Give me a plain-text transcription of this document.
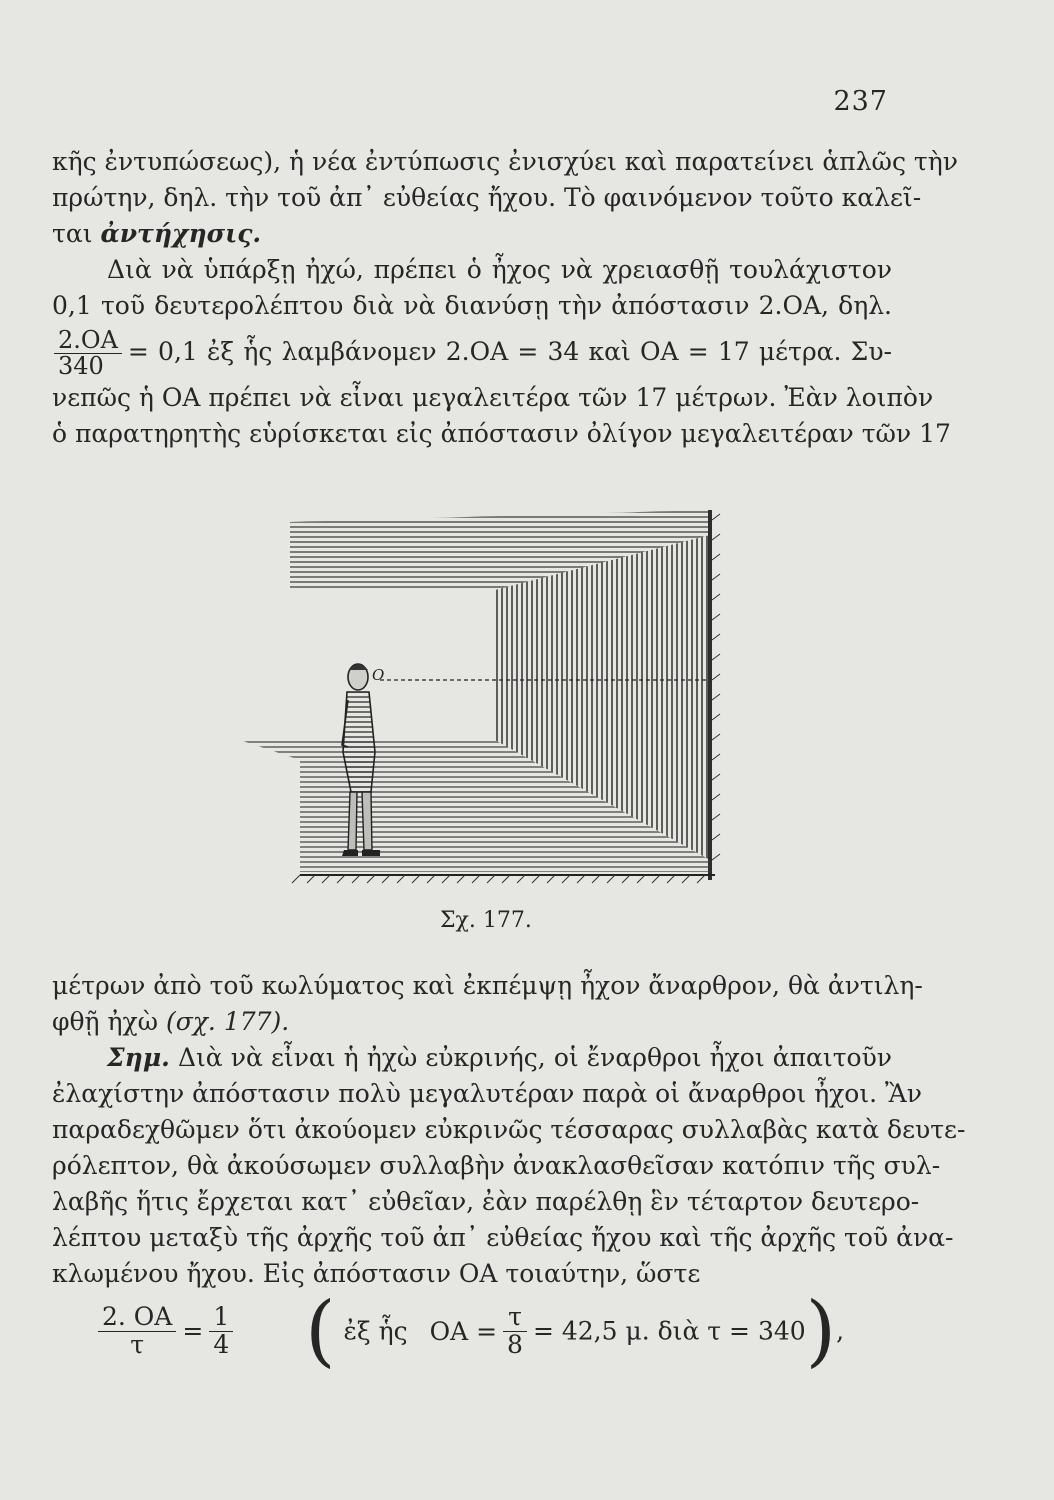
237
κῆς ἐντυπώσεως), ἡ νέα ἐντύπωσις ἐνισχύει καὶ παρατείνει ἁπλῶς τὴν
πρώτην, δηλ. τὴν τοῦ ἀπ᾽ εὐθείας ἤχου. Τὸ φαινόμενον τοῦτο καλεῖ-
ται ἀντήχησις.
Διὰ νὰ ὑπάρξῃ ἠχώ, πρέπει ὁ ἦχος νὰ χρειασθῇ τουλάχιστον
0,1 τοῦ δευτερολέπτου διὰ νὰ διανύσῃ τὴν ἀπόστασιν 2.ΟΑ, δηλ.
$\frac{2.OA}{340} = 0,1$ ἐξ ἧς λαμβάνομεν 2.ΟΑ = 34 καὶ ΟΑ = 17 μέτρα. Συ-
νεπῶς ἡ ΟΑ πρέπει νὰ εἶναι μεγαλειτέρα τῶν 17 μέτρων. Ἐὰν λοιπὸν
ὁ παρατηρητὴς εὑρίσκεται εἰς ἀπόστασιν ὀλίγον μεγαλειτέραν τῶν 17
O
Σχ. 177.
μέτρων ἀπὸ τοῦ κωλύματος καὶ ἐκπέμψῃ ἦχον ἄναρθρον, θὰ ἀντιλη-
φθῇ ἠχὼ (σχ. 177).
Σημ. Διὰ νὰ εἶναι ἡ ἠχὼ εὐκρινής, οἱ ἔναρθροι ἦχοι ἀπαιτοῦν
ἐλαχίστην ἀπόστασιν πολὺ μεγαλυτέραν παρὰ οἱ ἄναρθροι ἦχοι. Ἂν
παραδεχθῶμεν ὅτι ἀκούομεν εὐκρινῶς τέσσαρας συλλαβὰς κατὰ δευτε-
ρόλεπτον, θὰ ἀκούσωμεν συλλαβὴν ἀνακλασθεῖσαν κατόπιν τῆς συλ-
λαβῆς ἥτις ἔρχεται κατ᾽ εὐθεῖαν, ἐὰν παρέλθῃ ἓν τέταρτον δευτερο-
λέπτου μεταξὺ τῆς ἀρχῆς τοῦ ἀπ᾽ εὐθείας ἤχου καὶ τῆς ἀρχῆς τοῦ ἀνα-
κλωμένου ἤχου. Εἰς ἀπόστασιν ΟΑ τοιαύτην, ὥστε
$\frac{2. OA}{\tau} = \frac{1}{4}$ ( ἐξ ἧς $OA = \frac{\tau}{8} = 42,5$ μ. διὰ τ = 340),
